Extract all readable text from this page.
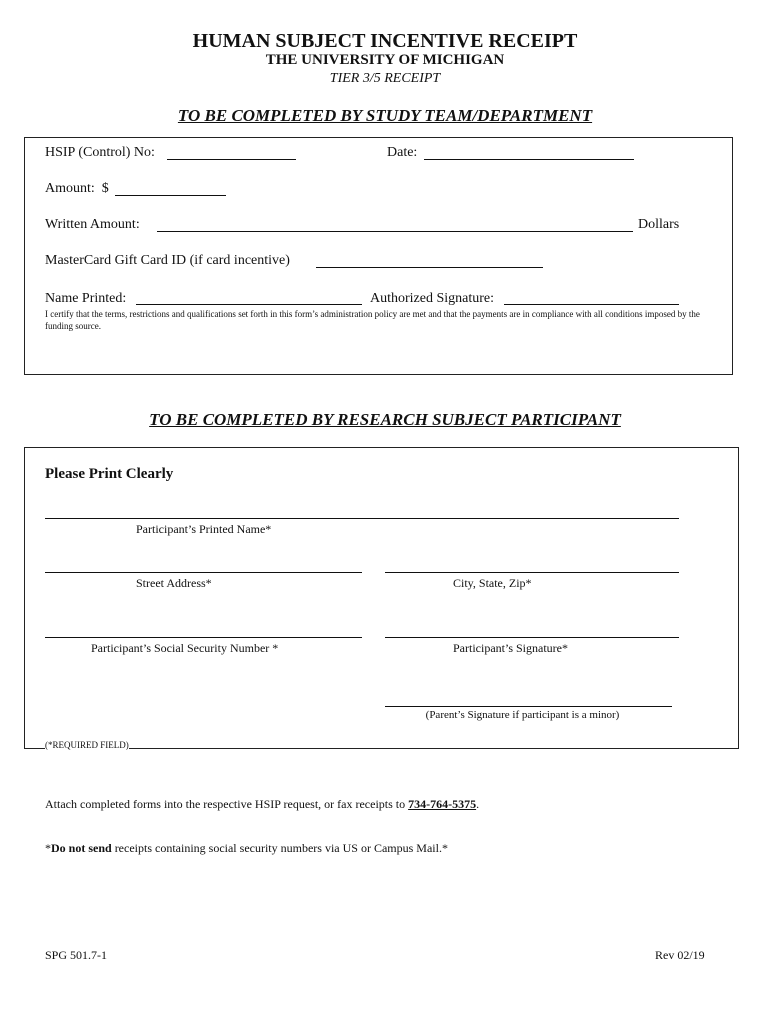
HUMAN SUBJECT INCENTIVE RECEIPT
THE UNIVERSITY OF MICHIGAN
TIER 3/5 RECEIPT
TO BE COMPLETED BY STUDY TEAM/DEPARTMENT
HSIP (Control) No:	Date:
Amount:  $
Written Amount:	Dollars
MasterCard Gift Card ID (if card incentive)
Name Printed:	Authorized Signature:
I certify that the terms, restrictions and qualifications set forth in this form’s administration policy are met and that the payments are in compliance with all conditions imposed by the funding source.
TO BE COMPLETED BY RESEARCH SUBJECT PARTICIPANT
Please Print Clearly
Participant’s Printed Name*
Street Address*	City, State, Zip*
Participant’s Social Security Number *	Participant’s Signature*
(Parent’s Signature if participant is a minor)
(*REQUIRED FIELD)
Attach completed forms into the respective HSIP request, or fax receipts to 734-764-5375.
*Do not send receipts containing social security numbers via US or Campus Mail.*
SPG 501.7-1	Rev 02/19
